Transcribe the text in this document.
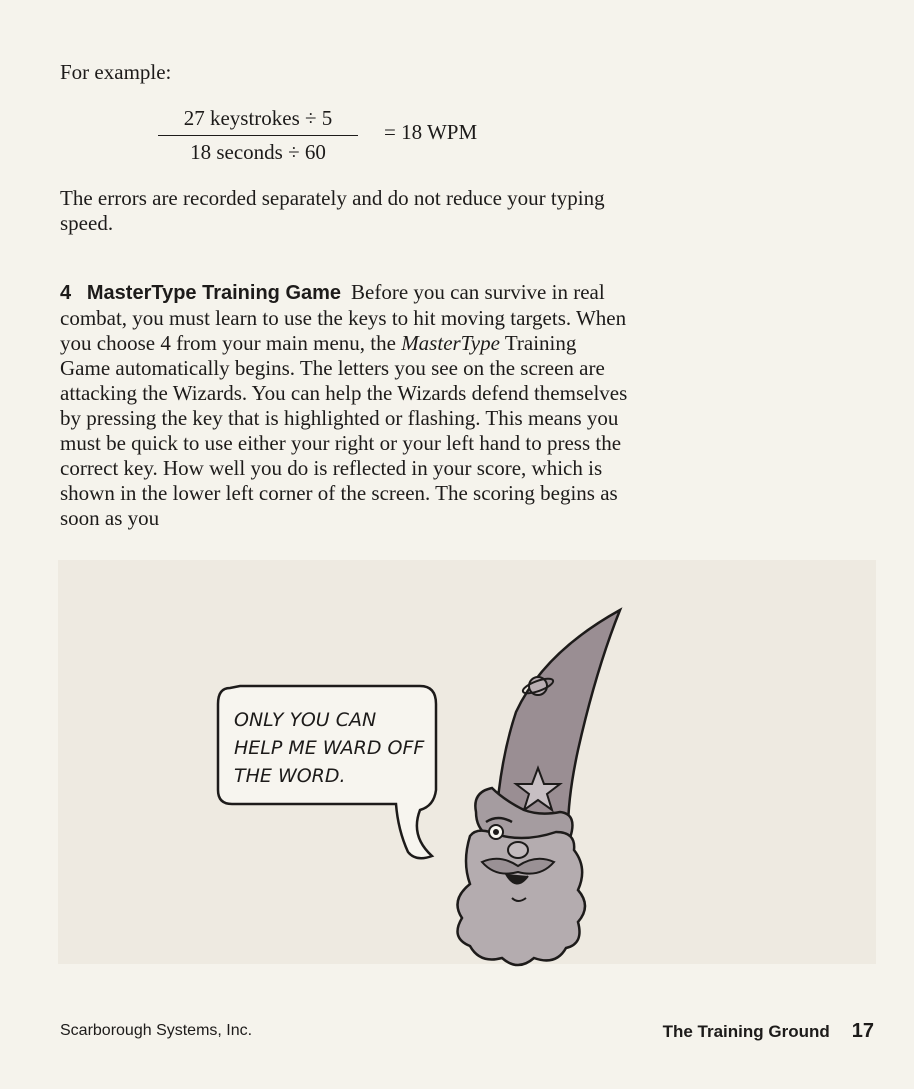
For example:

27 keystrokes ÷ 5
18 seconds ÷ 60
= 18 WPM

The errors are recorded separately and do not reduce your typing speed.

4 MasterType Training Game Before you can survive in real combat, you must learn to use the keys to hit moving targets. When you choose 4 from your main menu, the MasterType Training Game automatically begins. The letters you see on the screen are attacking the Wizards. You can help the Wizards defend themselves by pressing the key that is highlighted or flashing. This means you must be quick to use either your right or your left hand to press the correct key. How well you do is reflected in your score, which is shown in the lower left corner of the screen. The scoring begins as soon as you

ONLY YOU CAN
HELP ME WARD OFF
THE WORD.
Scarborough Systems, Inc.	The Training Ground 17
